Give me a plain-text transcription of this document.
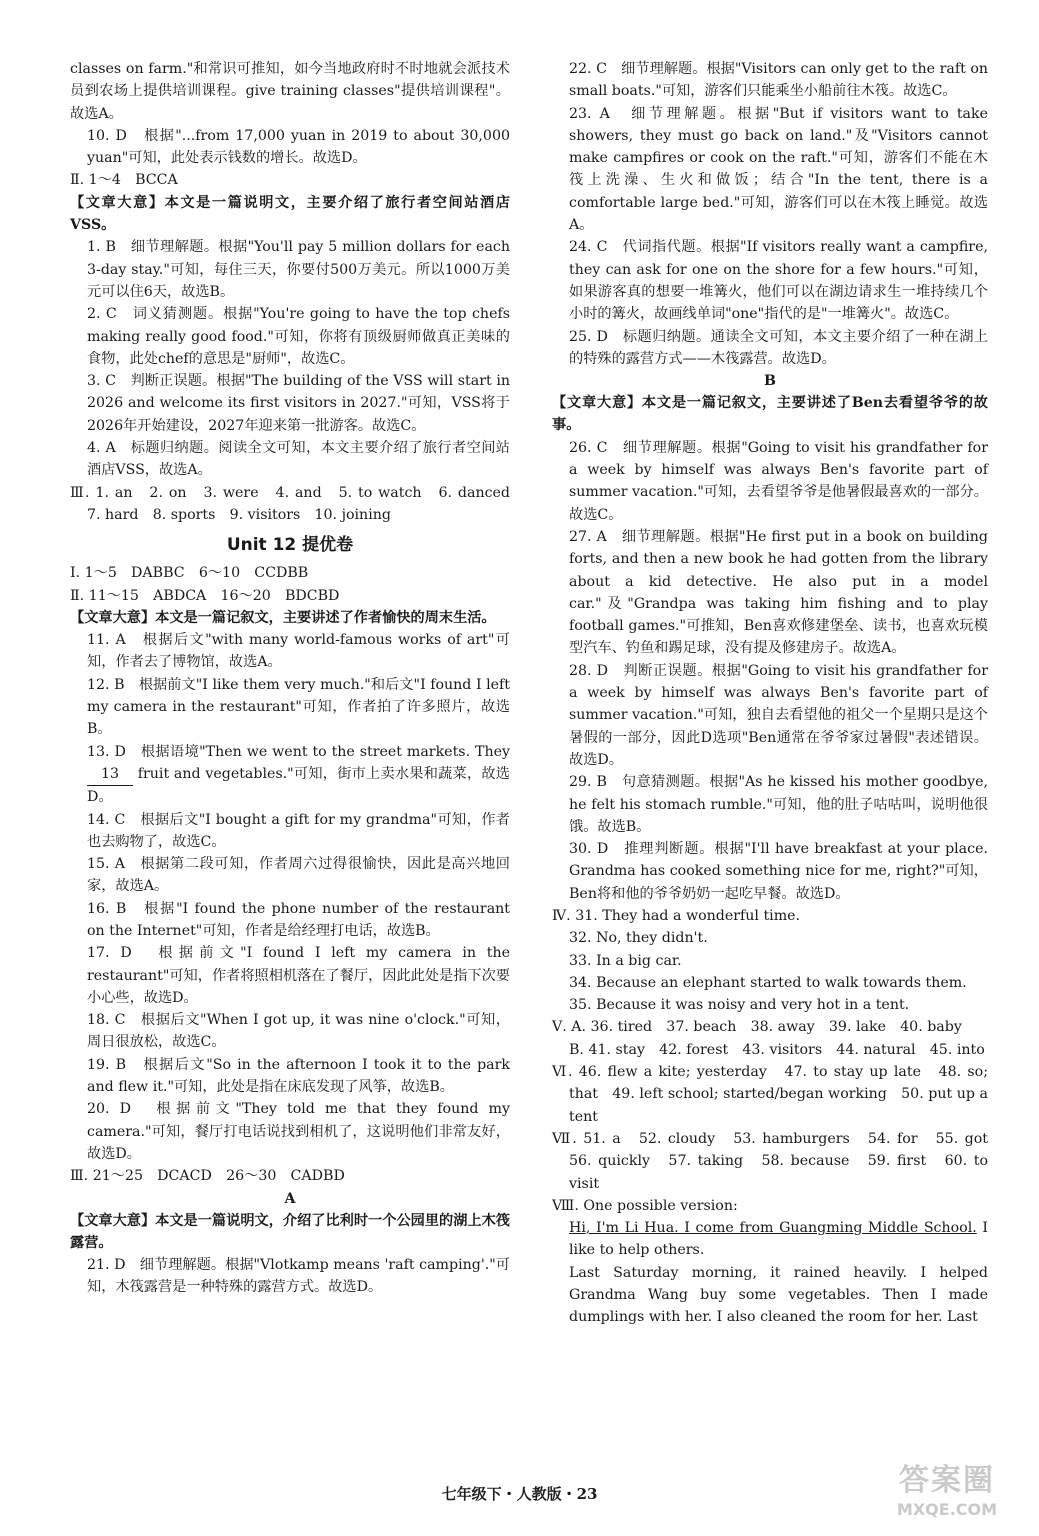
classes on farm."和常识可推知，如今当地政府时不时地就会派技术员到农场上提供培训课程。give training classes"提供培训课程"。故选A。

10. D　根据"...from 17,000 yuan in 2019 to about 30,000 yuan"可知，此处表示钱数的增长。故选D。

Ⅱ. 1～4　BCCA

【文章大意】本文是一篇说明文，主要介绍了旅行者空间站酒店VSS。

1. B　细节理解题。根据"You'll pay 5 million dollars for each 3-day stay."可知，每住三天，你要付500万美元。所以1000万美元可以住6天，故选B。

2. C　词义猜测题。根据"You're going to have the top chefs making really good food."可知，你将有顶级厨师做真正美味的食物，此处chef的意思是"厨师"，故选C。

3. C　判断正误题。根据"The building of the VSS will start in 2026 and welcome its first visitors in 2027."可知，VSS将于2026年开始建设，2027年迎来第一批游客。故选C。

4. A　标题归纳题。阅读全文可知，本文主要介绍了旅行者空间站酒店VSS，故选A。

Ⅲ. 1. an　2. on　3. were　4. and　5. to watch　6. danced　7. hard　8. sports　9. visitors　10. joining

Unit 12 提优卷

Ⅰ. 1～5　DABBC　6～10　CCDBB

Ⅱ. 11～15　ABDCA　16～20　BDCBD

【文章大意】本文是一篇记叙文，主要讲述了作者愉快的周末生活。

11. A　根据后文"with many world-famous works of art"可知，作者去了博物馆，故选A。

12. B　根据前文"I like them very much."和后文"I found I left my camera in the restaurant"可知，作者拍了许多照片，故选B。

13. D　根据语境"Then we went to the street markets. They 13 fruit and vegetables."可知，街市上卖水果和蔬菜，故选D。

14. C　根据后文"I bought a gift for my grandma"可知，作者也去购物了，故选C。

15. A　根据第二段可知，作者周六过得很愉快，因此是高兴地回家，故选A。

16. B　根据"I found the phone number of the restaurant on the Internet"可知，作者是给经理打电话，故选B。

17. D　根据前文"I found I left my camera in the restaurant"可知，作者将照相机落在了餐厅，因此此处是指下次要小心些，故选D。

18. C　根据后文"When I got up, it was nine o'clock."可知，周日很放松，故选C。

19. B　根据后文"So in the afternoon I took it to the park and flew it."可知，此处是指在床底发现了风筝，故选B。

20. D　根据前文"They told me that they found my camera."可知，餐厅打电话说找到相机了，这说明他们非常友好，故选D。

Ⅲ. 21～25　DCACD　26～30　CADBD

A

【文章大意】本文是一篇说明文，介绍了比利时一个公园里的湖上木筏露营。

21. D　细节理解题。根据"Vlotkamp means 'raft camping'."可知，木筏露营是一种特殊的露营方式。故选D。

22. C　细节理解题。根据"Visitors can only get to the raft on small boats."可知，游客们只能乘坐小船前往木筏。故选C。

23. A　细节理解题。根据"But if visitors want to take showers, they must go back on land."及"Visitors cannot make campfires or cook on the raft."可知，游客们不能在木筏上洗澡、生火和做饭；结合"In the tent, there is a comfortable large bed."可知，游客们可以在木筏上睡觉。故选A。

24. C　代词指代题。根据"If visitors really want a campfire, they can ask for one on the shore for a few hours."可知，如果游客真的想要一堆篝火，他们可以在湖边请求生一堆持续几个小时的篝火，故画线单词"one"指代的是"一堆篝火"。故选C。

25. D　标题归纳题。通读全文可知，本文主要介绍了一种在湖上的特殊的露营方式——木筏露营。故选D。

B

【文章大意】本文是一篇记叙文，主要讲述了Ben去看望爷爷的故事。

26. C　细节理解题。根据"Going to visit his grandfather for a week by himself was always Ben's favorite part of summer vacation."可知，去看望爷爷是他暑假最喜欢的一部分。故选C。

27. A　细节理解题。根据"He first put in a book on building forts, and then a new book he had gotten from the library about a kid detective. He also put in a model car."及"Grandpa was taking him fishing and to play football games."可推知，Ben喜欢修建堡垒、读书，也喜欢玩模型汽车、钓鱼和踢足球，没有提及修建房子。故选A。

28. D　判断正误题。根据"Going to visit his grandfather for a week by himself was always Ben's favorite part of summer vacation."可知，独自去看望他的祖父一个星期只是这个暑假的一部分，因此D选项"Ben通常在爷爷家过暑假"表述错误。故选D。

29. B　句意猜测题。根据"As he kissed his mother goodbye, he felt his stomach rumble."可知，他的肚子咕咕叫，说明他很饿。故选B。

30. D　推理判断题。根据"I'll have breakfast at your place. Grandma has cooked something nice for me, right?"可知，Ben将和他的爷爷奶奶一起吃早餐。故选D。

Ⅳ. 31. They had a wonderful time.

32. No, they didn't.

33. In a big car.

34. Because an elephant started to walk towards them.

35. Because it was noisy and very hot in a tent.

Ⅴ. A. 36. tired　37. beach　38. away　39. lake　40. baby

B. 41. stay　42. forest　43. visitors　44. natural　45. into

Ⅵ. 46. flew a kite; yesterday　47. to stay up late　48. so; that　49. left school; started/began working　50. put up a tent

Ⅶ. 51. a　52. cloudy　53. hamburgers　54. for　55. got　56. quickly　57. taking　58. because　59. first　60. to visit

Ⅷ. One possible version:

Hi, I'm Li Hua. I come from Guangming Middle School. I like to help others.

Last Saturday morning, it rained heavily. I helped Grandma Wang buy some vegetables. Then I made dumplings with her. I also cleaned the room for her. Last

七年级下・人教版・23	答案圈
MXQE.COM
